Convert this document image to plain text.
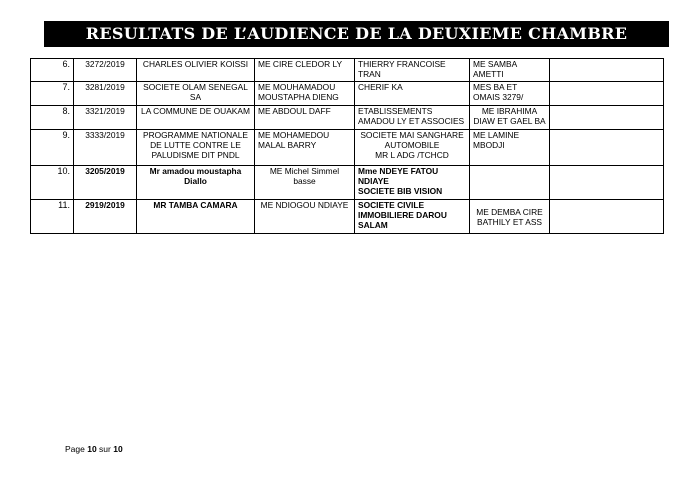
RESULTATS DE L’AUDIENCE DE LA DEUXIEME CHAMBRE
6.	3272/2019	CHARLES OLIVIER KOISSI	ME CIRE CLEDOR LY	THIERRY FRANCOISE TRAN	ME SAMBA AMETTI	
7.	3281/2019	SOCIETE OLAM SENEGAL SA	ME MOUHAMADOU MOUSTAPHA DIENG	CHERIF KA	MES BA ET OMAIS 3279/	
8.	3321/2019	LA COMMUNE DE OUAKAM	ME ABDOUL DAFF	ETABLISSEMENTS AMADOU LY ET ASSOCIES	ME IBRAHIMA DIAW ET GAEL BA	
9.	3333/2019	PROGRAMME NATIONALE DE LUTTE CONTRE LE PALUDISME DIT PNDL	ME MOHAMEDOU MALAL BARRY	SOCIETE MAI SANGHARE AUTOMOBILE
MR L ADG /TCHCD	ME LAMINE MBODJI	
10.	3205/2019	Mr amadou moustapha Diallo	ME Michel Simmel basse	Mme NDEYE FATOU NDIAYE
SOCIETE BIB VISION		

11.	2919/2019	MR TAMBA CAMARA	ME NDIOGOU NDIAYE	SOCIETE CIVILE IMMOBILIERE DAROU SALAM	ME DEMBA CIRE BATHILY ET ASS	
Page 10 sur 10
